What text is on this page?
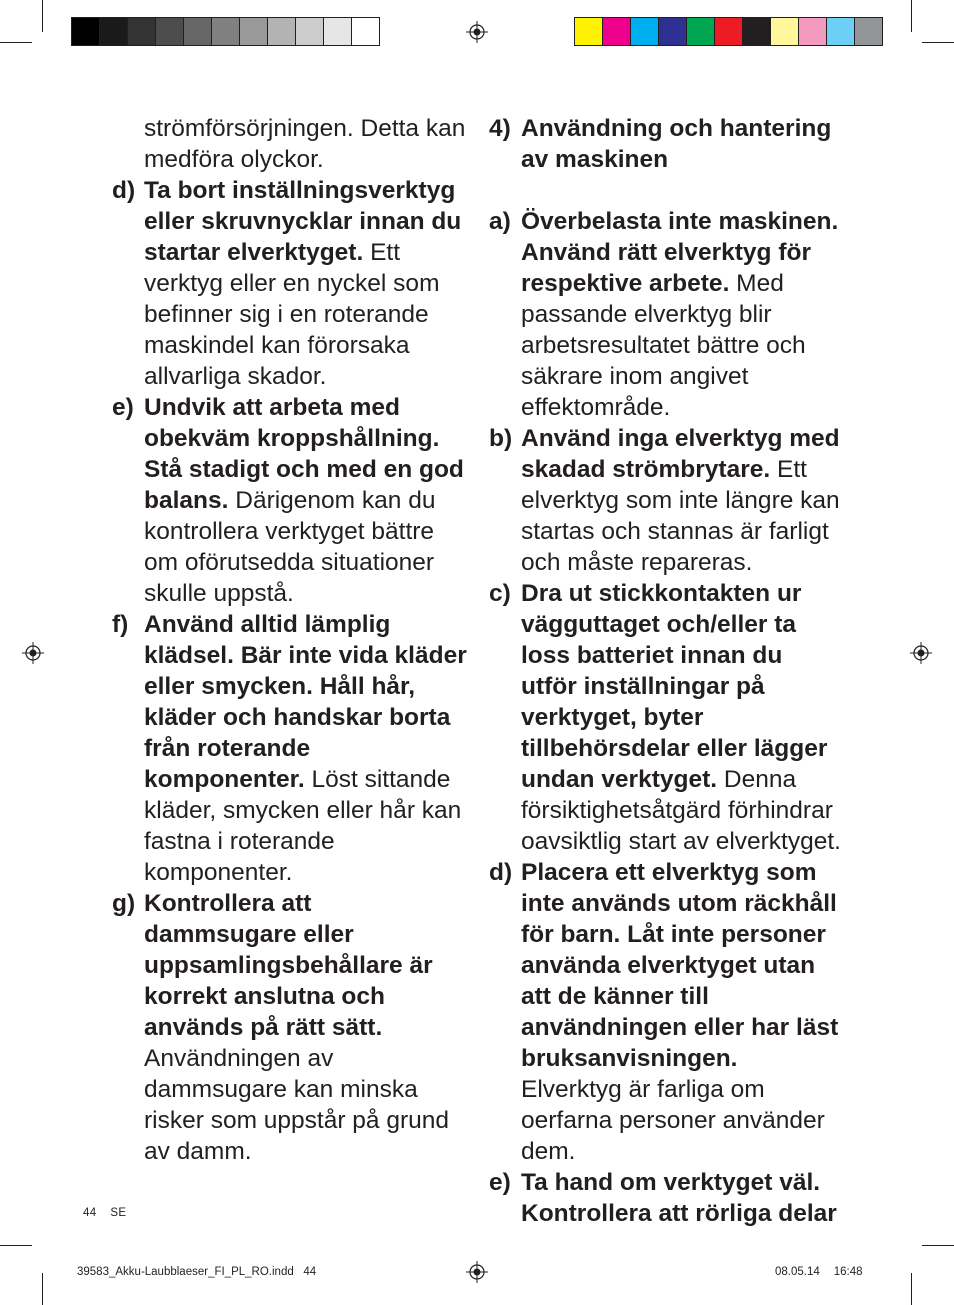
strömförsörjningen. Detta kan medföra olyckor.
d) Ta bort inställningsverktyg eller skruvnycklar innan du startar elverktyget. Ett verktyg eller en nyckel som befinner sig i en roterande maskindel kan förorsaka allvarliga skador.
e) Undvik att arbeta med obekväm kroppshållning. Stå stadigt och med en god balans. Därigenom kan du kontrollera verktyget bättre om oförutsedda situationer skulle uppstå.
f) Använd alltid lämplig klädsel. Bär inte vida kläder eller smycken. Håll hår, kläder och handskar borta från roterande komponenter. Löst sittande kläder, smycken eller hår kan fastna i roterande komponenter.
g) Kontrollera att dammsugare eller uppsamlingsbehållare är korrekt anslutna och används på rätt sätt. Användningen av dammsugare kan minska risker som uppstår på grund av damm.
4) Användning och hantering av maskinen
a) Överbelasta inte maskinen. Använd rätt elverktyg för respektive arbete. Med passande elverktyg blir arbetsresultatet bättre och säkrare inom angivet effektområde.
b) Använd inga elverktyg med skadad strömbrytare. Ett elverktyg som inte längre kan startas och stannas är farligt och måste repareras.
c) Dra ut stickkontakten ur vägguttaget och/eller ta loss batteriet innan du utför inställningar på verktyget, byter tillbehörsdelar eller lägger undan verktyget. Denna försiktighetsåtgärd förhindrar oavsiktlig start av elverktyget.
d) Placera ett elverktyg som inte används utom räckhåll för barn. Låt inte personer använda elverktyget utan att de känner till användningen eller har läst bruksanvisningen. Elverktyg är farliga om oerfarna personer använder dem.
e) Ta hand om verktyget väl. Kontrollera att rörliga delar
44 SE
39583_Akku-Laubblaeser_FI_PL_RO.indd   44	08.05.14 16:48
